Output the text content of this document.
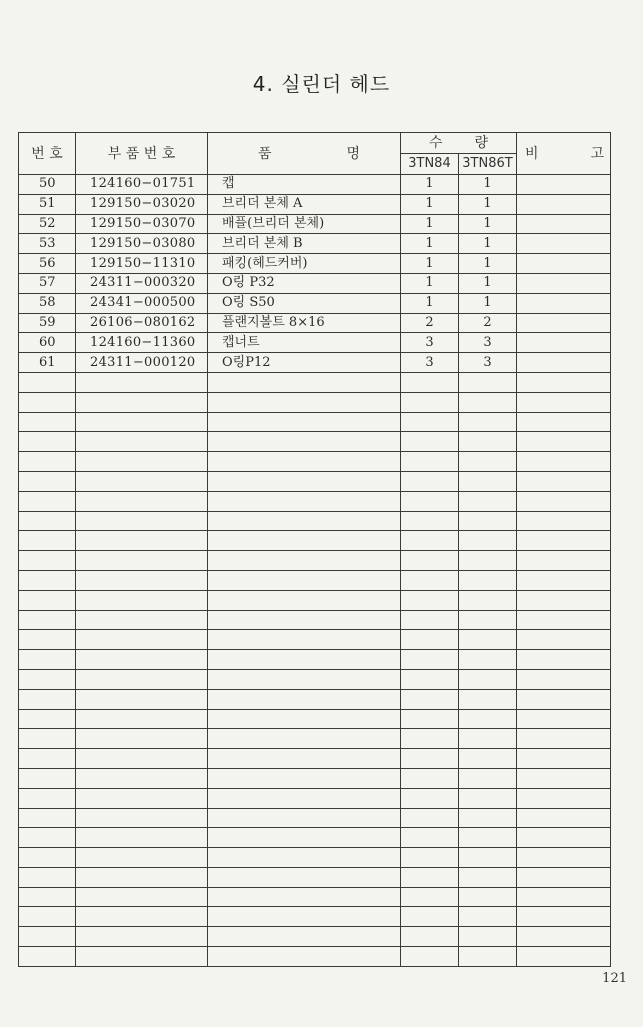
4. 실린더 헤드
번 호	부 품 번 호	품 명	수 량		비 고

			3TN84	3TN86T	
50	124160−01751	캡	1	1	
51	129150−03020	브리더 본체 A	1	1	
52	129150−03070	배플(브리더 본체)	1	1	
53	129150−03080	브리더 본체 B	1	1	
56	129150−11310	패킹(헤드커버)	1	1	
57	24311−000320	O링 P32	1	1	
58	24341−000500	O링 S50	1	1	
59	26106−080162	플랜지볼트 8×16	2	2	
60	124160−11360	캡너트	3	3	
61	24311−000120	O링P12	3	3	

121
